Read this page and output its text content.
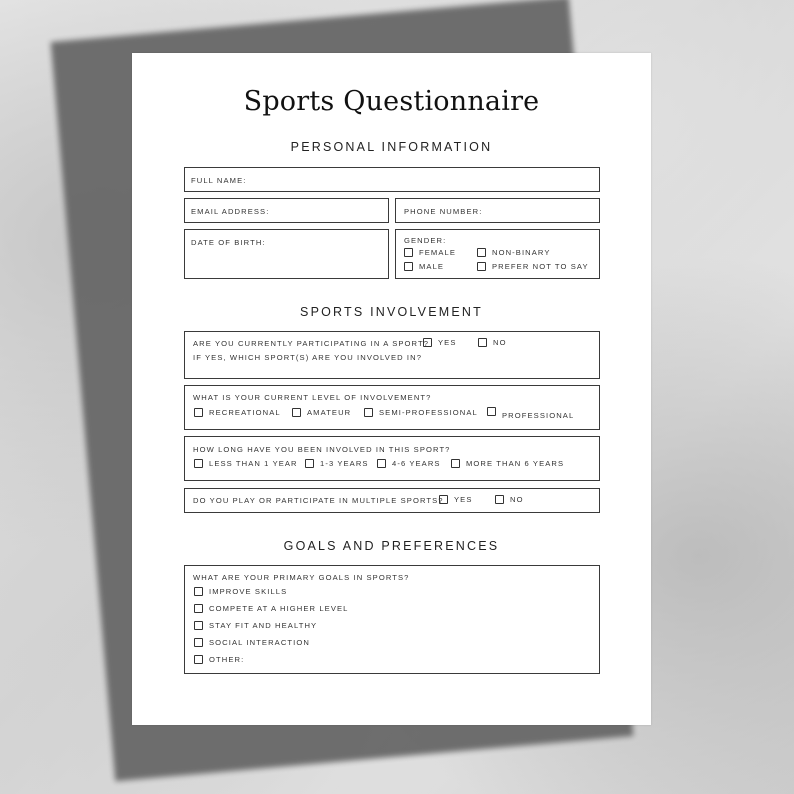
Sports Questionnaire
PERSONAL INFORMATION
FULL NAME:
EMAIL ADDRESS:	PHONE NUMBER:
DATE OF BIRTH:	GENDER:
FEMALE	NON-BINARY
MALE	PREFER NOT TO SAY
SPORTS INVOLVEMENT
ARE YOU CURRENTLY PARTICIPATING IN A SPORT? YES	NO
IF YES, WHICH SPORT(S) ARE YOU INVOLVED IN?
WHAT IS YOUR CURRENT LEVEL OF INVOLVEMENT?
RECREATIONAL	AMATEUR	SEMI-PROFESSIONAL	PROFESSIONAL
HOW LONG HAVE YOU BEEN INVOLVED IN THIS SPORT?
LESS THAN 1 YEAR	1-3 YEARS	4-6 YEARS	MORE THAN 6 YEARS
DO YOU PLAY OR PARTICIPATE IN MULTIPLE SPORTS? YES	NO
GOALS AND PREFERENCES
WHAT ARE YOUR PRIMARY GOALS IN SPORTS?
IMPROVE SKILLS
COMPETE AT A HIGHER LEVEL
STAY FIT AND HEALTHY
SOCIAL INTERACTION
OTHER:
